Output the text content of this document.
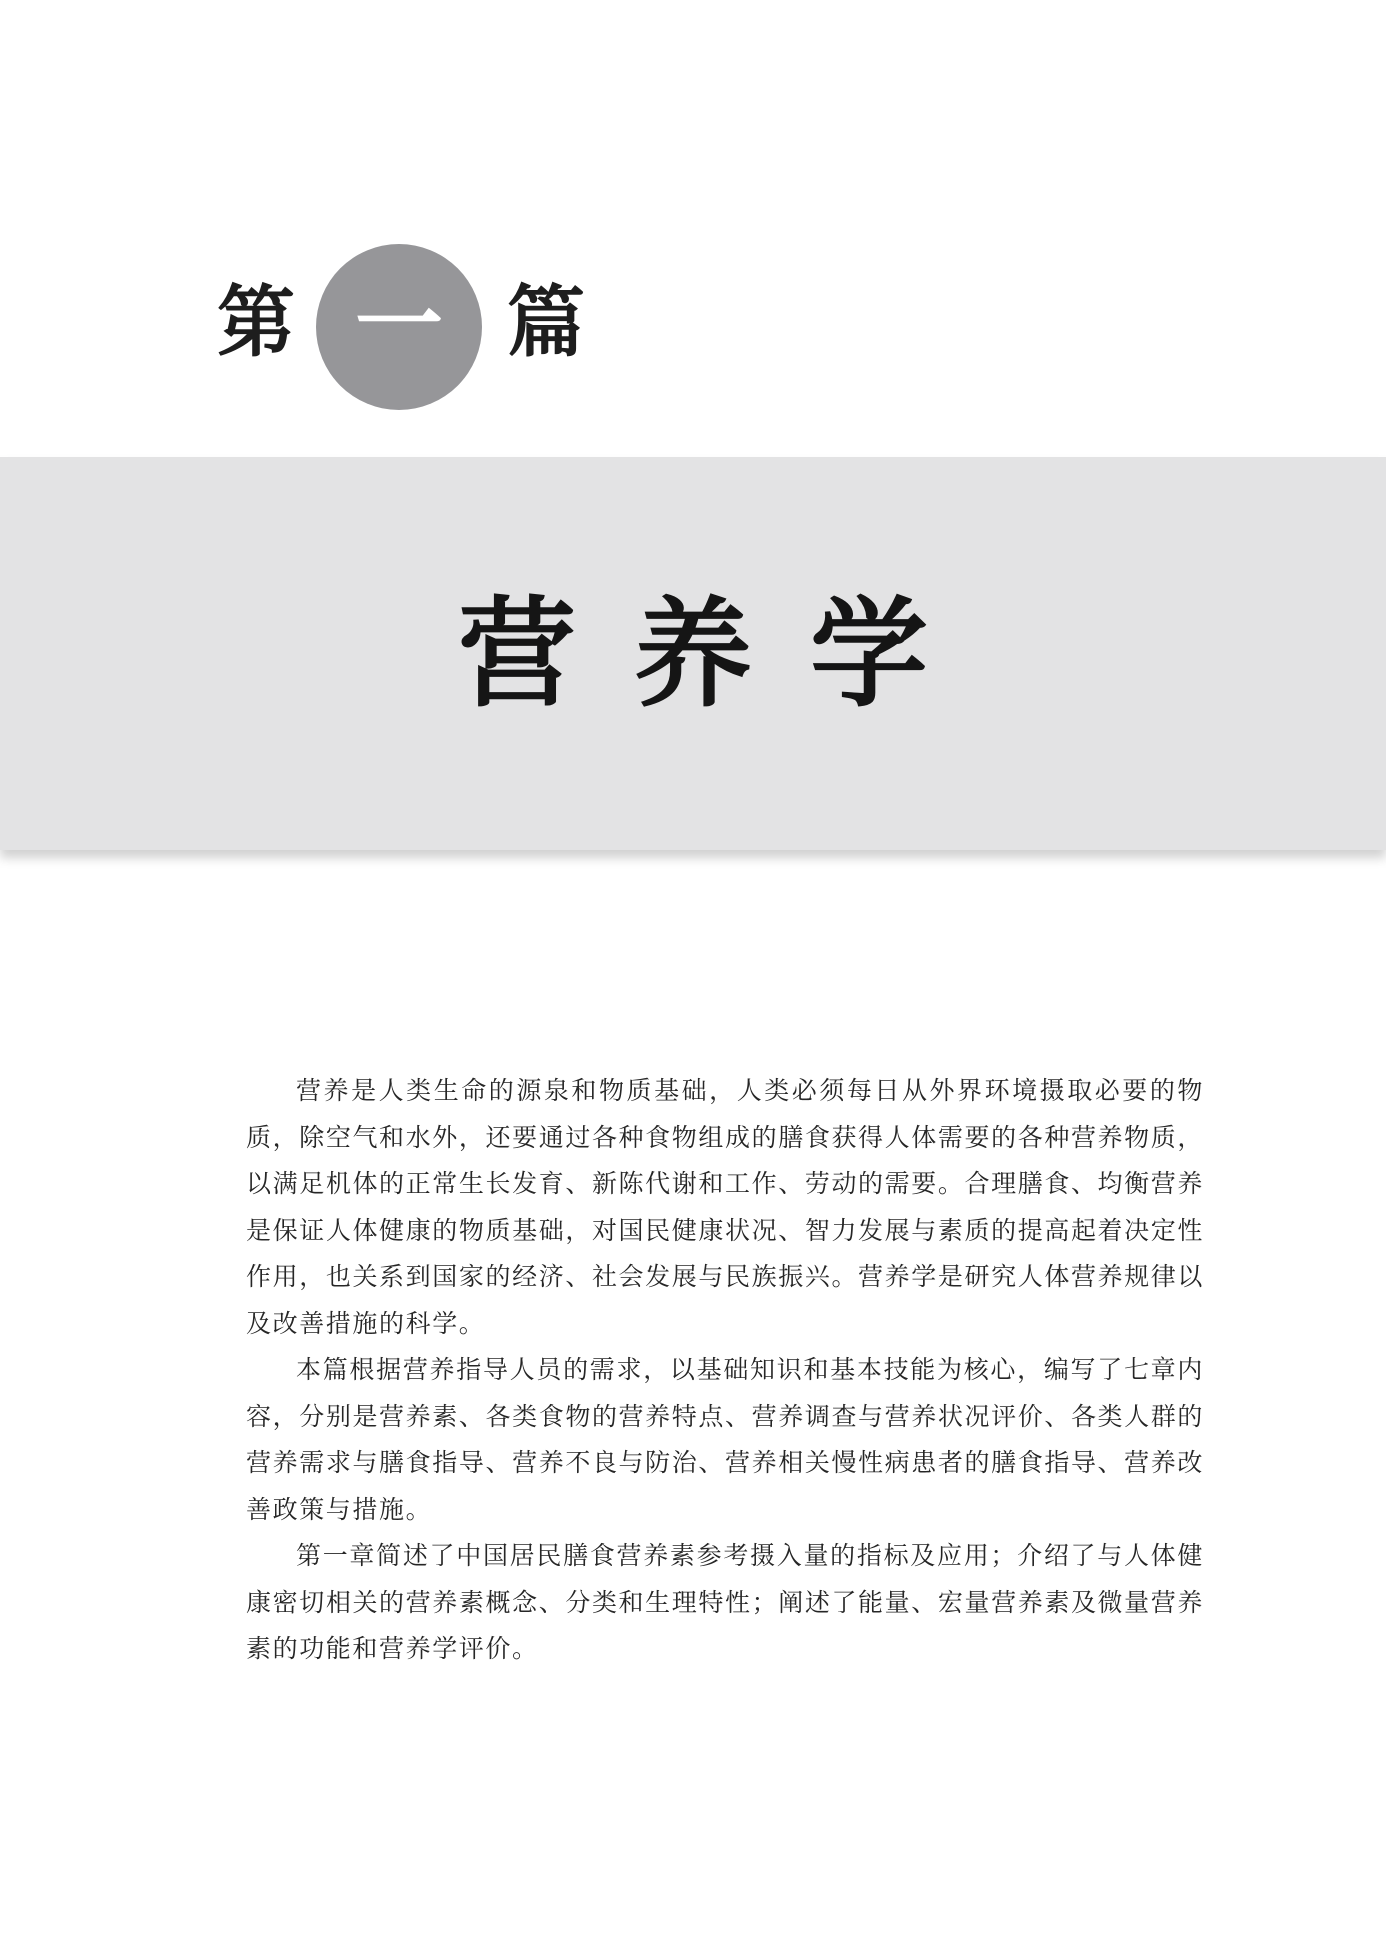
第 一 篇
营养学

营养是人类生命的源泉和物质基础，人类必须每日从外界环境摄取必要的物质，除空气和水外，还要通过各种食物组成的膳食获得人体需要的各种营养物质，以满足机体的正常生长发育、新陈代谢和工作、劳动的需要。合理膳食、均衡营养是保证人体健康的物质基础，对国民健康状况、智力发展与素质的提高起着决定性作用，也关系到国家的经济、社会发展与民族振兴。营养学是研究人体营养规律以及改善措施的科学。

本篇根据营养指导人员的需求，以基础知识和基本技能为核心，编写了七章内容，分别是营养素、各类食物的营养特点、营养调查与营养状况评价、各类人群的营养需求与膳食指导、营养不良与防治、营养相关慢性病患者的膳食指导、营养改善政策与措施。

第一章简述了中国居民膳食营养素参考摄入量的指标及应用；介绍了与人体健康密切相关的营养素概念、分类和生理特性；阐述了能量、宏量营养素及微量营养素的功能和营养学评价。
